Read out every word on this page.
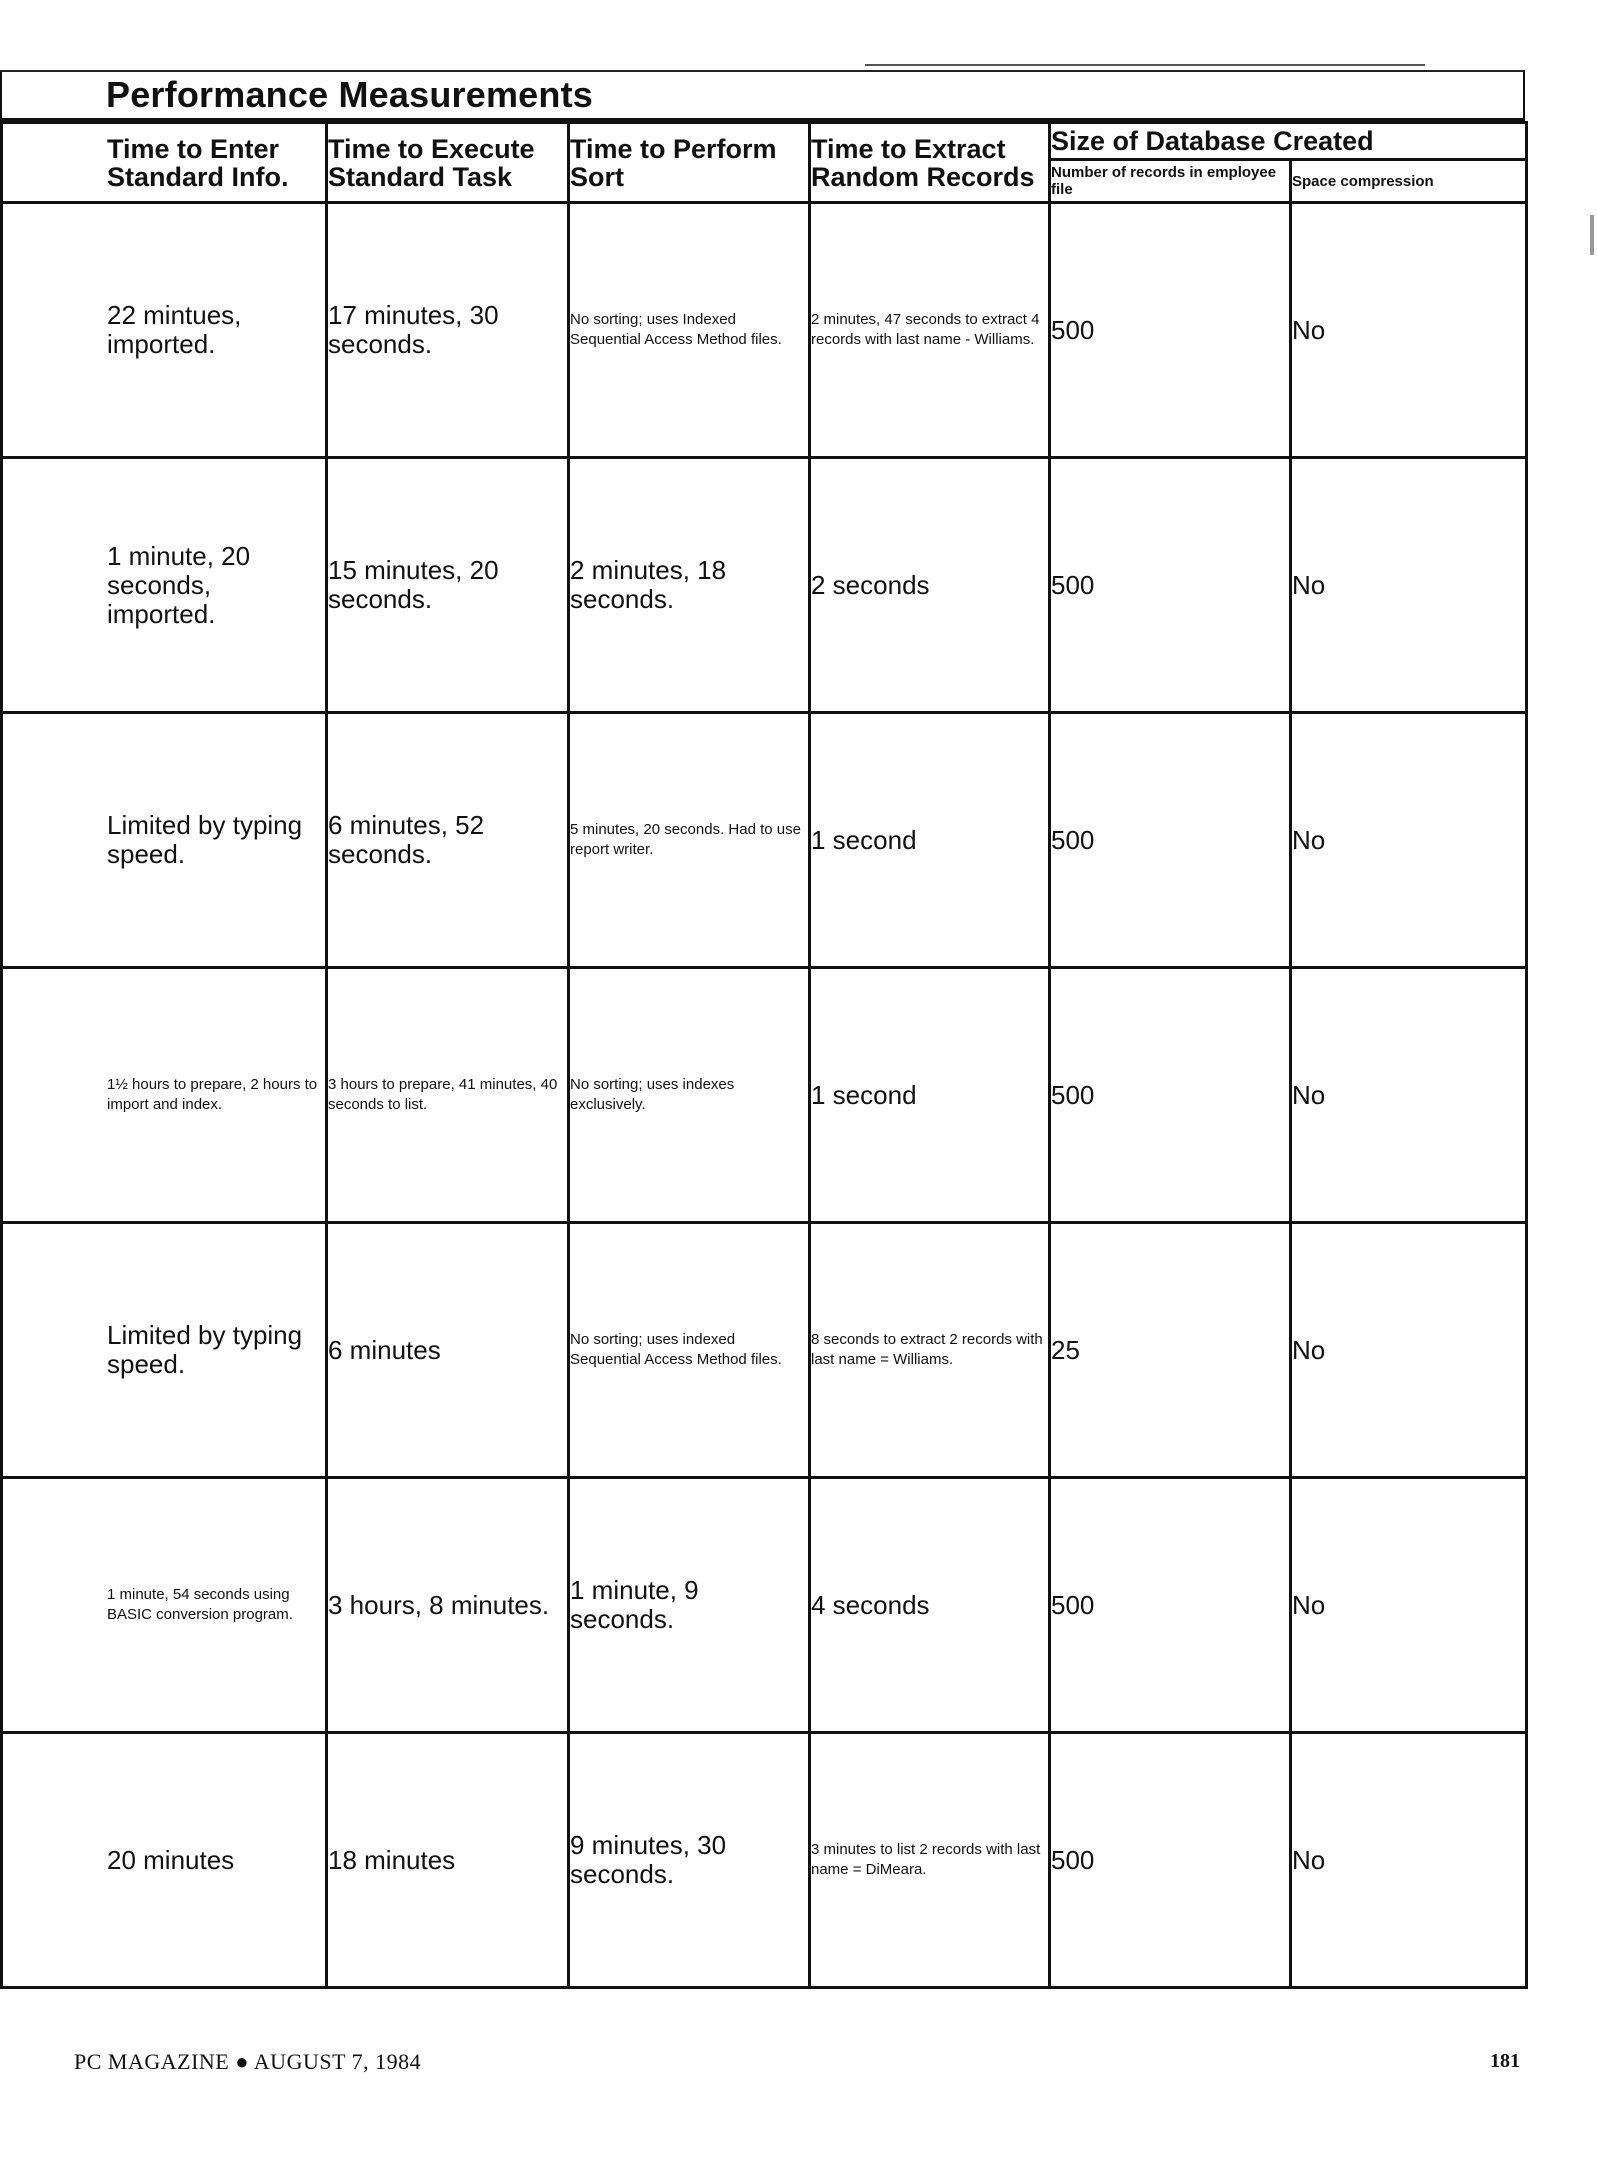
Performance Measurements
Time to Enter Standard Info.	Time to Execute Standard Task	Time to Perform Sort	Time to Extract Random Records	Size of Database Created	
				Number of records in employee file	Space compression

22 mintues, imported.	17 minutes, 30 seconds.	No sorting; uses Indexed Sequential Access Method files.	2 minutes, 47 seconds to extract 4 records with last name - Williams.	500	No

1 minute, 20 seconds, imported.	15 minutes, 20 seconds.	2 minutes, 18 seconds.	2 seconds	500	No

Limited by typing speed.	6 minutes, 52 seconds.	5 minutes, 20 seconds. Had to use report writer.	1 second	500	No

1½ hours to prepare, 2 hours to import and index.	3 hours to prepare, 41 minutes, 40 seconds to list.	No sorting; uses indexes exclusively.	1 second	500	No

Limited by typing speed.	6 minutes	No sorting; uses indexed Sequential Access Method files.	8 seconds to extract 2 records with last name = Williams.	25	No

1 minute, 54 seconds using BASIC conversion program.	3 hours, 8 minutes.	1 minute, 9 seconds.	4 seconds	500	No

20 minutes	18 minutes	9 minutes, 30 seconds.	3 minutes to list 2 records with last name = DiMeara.	500	No
PC MAGAZINE ● AUGUST 7, 1984	181
